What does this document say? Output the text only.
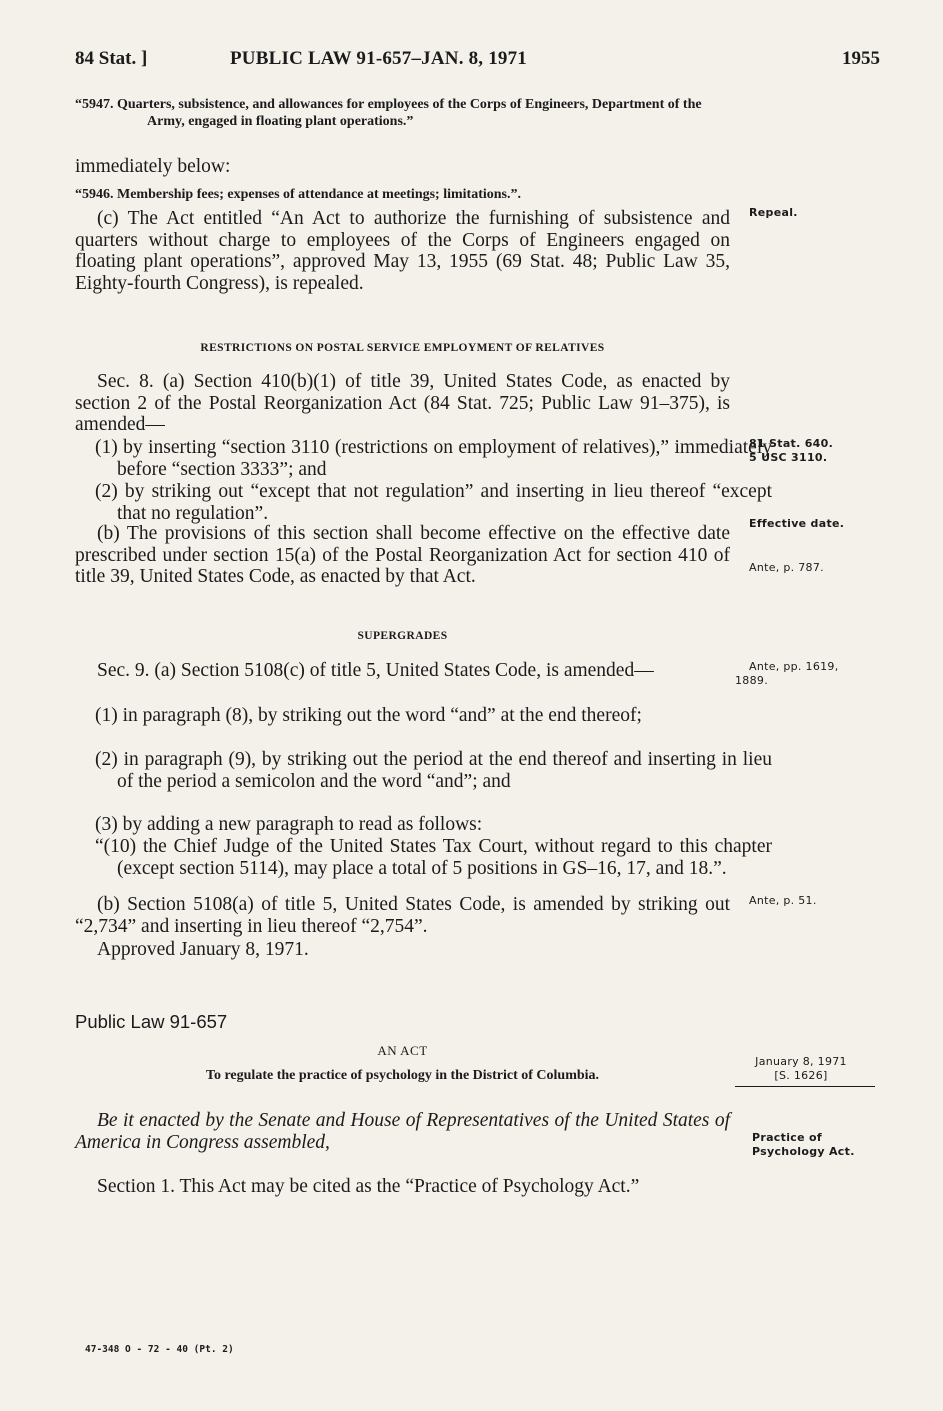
84 Stat. ]	PUBLIC LAW 91-657–JAN. 8, 1971	1955
“5947. Quarters, subsistence, and allowances for employees of the Corps of Engineers, Department of the Army, engaged in floating plant operations.”
immediately below:
“5946. Membership fees; expenses of attendance at meetings; limitations.”.
(c) The Act entitled “An Act to authorize the furnishing of subsistence and quarters without charge to employees of the Corps of Engineers engaged on floating plant operations”, approved May 13, 1955 (69 Stat. 48; Public Law 35, Eighty-fourth Congress), is repealed.
RESTRICTIONS ON POSTAL SERVICE EMPLOYMENT OF RELATIVES
Sec. 8. (a) Section 410(b)(1) of title 39, United States Code, as enacted by section 2 of the Postal Reorganization Act (84 Stat. 725; Public Law 91–375), is amended—
(1) by inserting “section 3110 (restrictions on employment of relatives),” immediately before “section 3333”; and
(2) by striking out “except that not regulation” and inserting in lieu thereof “except that no regulation”.
(b) The provisions of this section shall become effective on the effective date prescribed under section 15(a) of the Postal Reorganization Act for section 410 of title 39, United States Code, as enacted by that Act.
SUPERGRADES
Sec. 9. (a) Section 5108(c) of title 5, United States Code, is amended—
(1) in paragraph (8), by striking out the word “and” at the end thereof;
(2) in paragraph (9), by striking out the period at the end thereof and inserting in lieu of the period a semicolon and the word “and”; and
(3) by adding a new paragraph to read as follows:
“(10) the Chief Judge of the United States Tax Court, without regard to this chapter (except section 5114), may place a total of 5 positions in GS–16, 17, and 18.”.
(b) Section 5108(a) of title 5, United States Code, is amended by striking out “2,734” and inserting in lieu thereof “2,754”.
Approved January 8, 1971.
Public Law 91-657
AN ACT
To regulate the practice of psychology in the District of Columbia.
Be it enacted by the Senate and House of Representatives of the United States of America in Congress assembled,
Section 1. This Act may be cited as the “Practice of Psychology Act.”
Repeal.
81 Stat. 640.
5 USC 3110.
Effective date.
Ante, p. 787.
Ante, pp. 1619, 1889.
Ante, p. 51.
January 8, 1971
[S. 1626]
Practice of Psychology Act.
47-348 O - 72 - 40 (Pt. 2)
